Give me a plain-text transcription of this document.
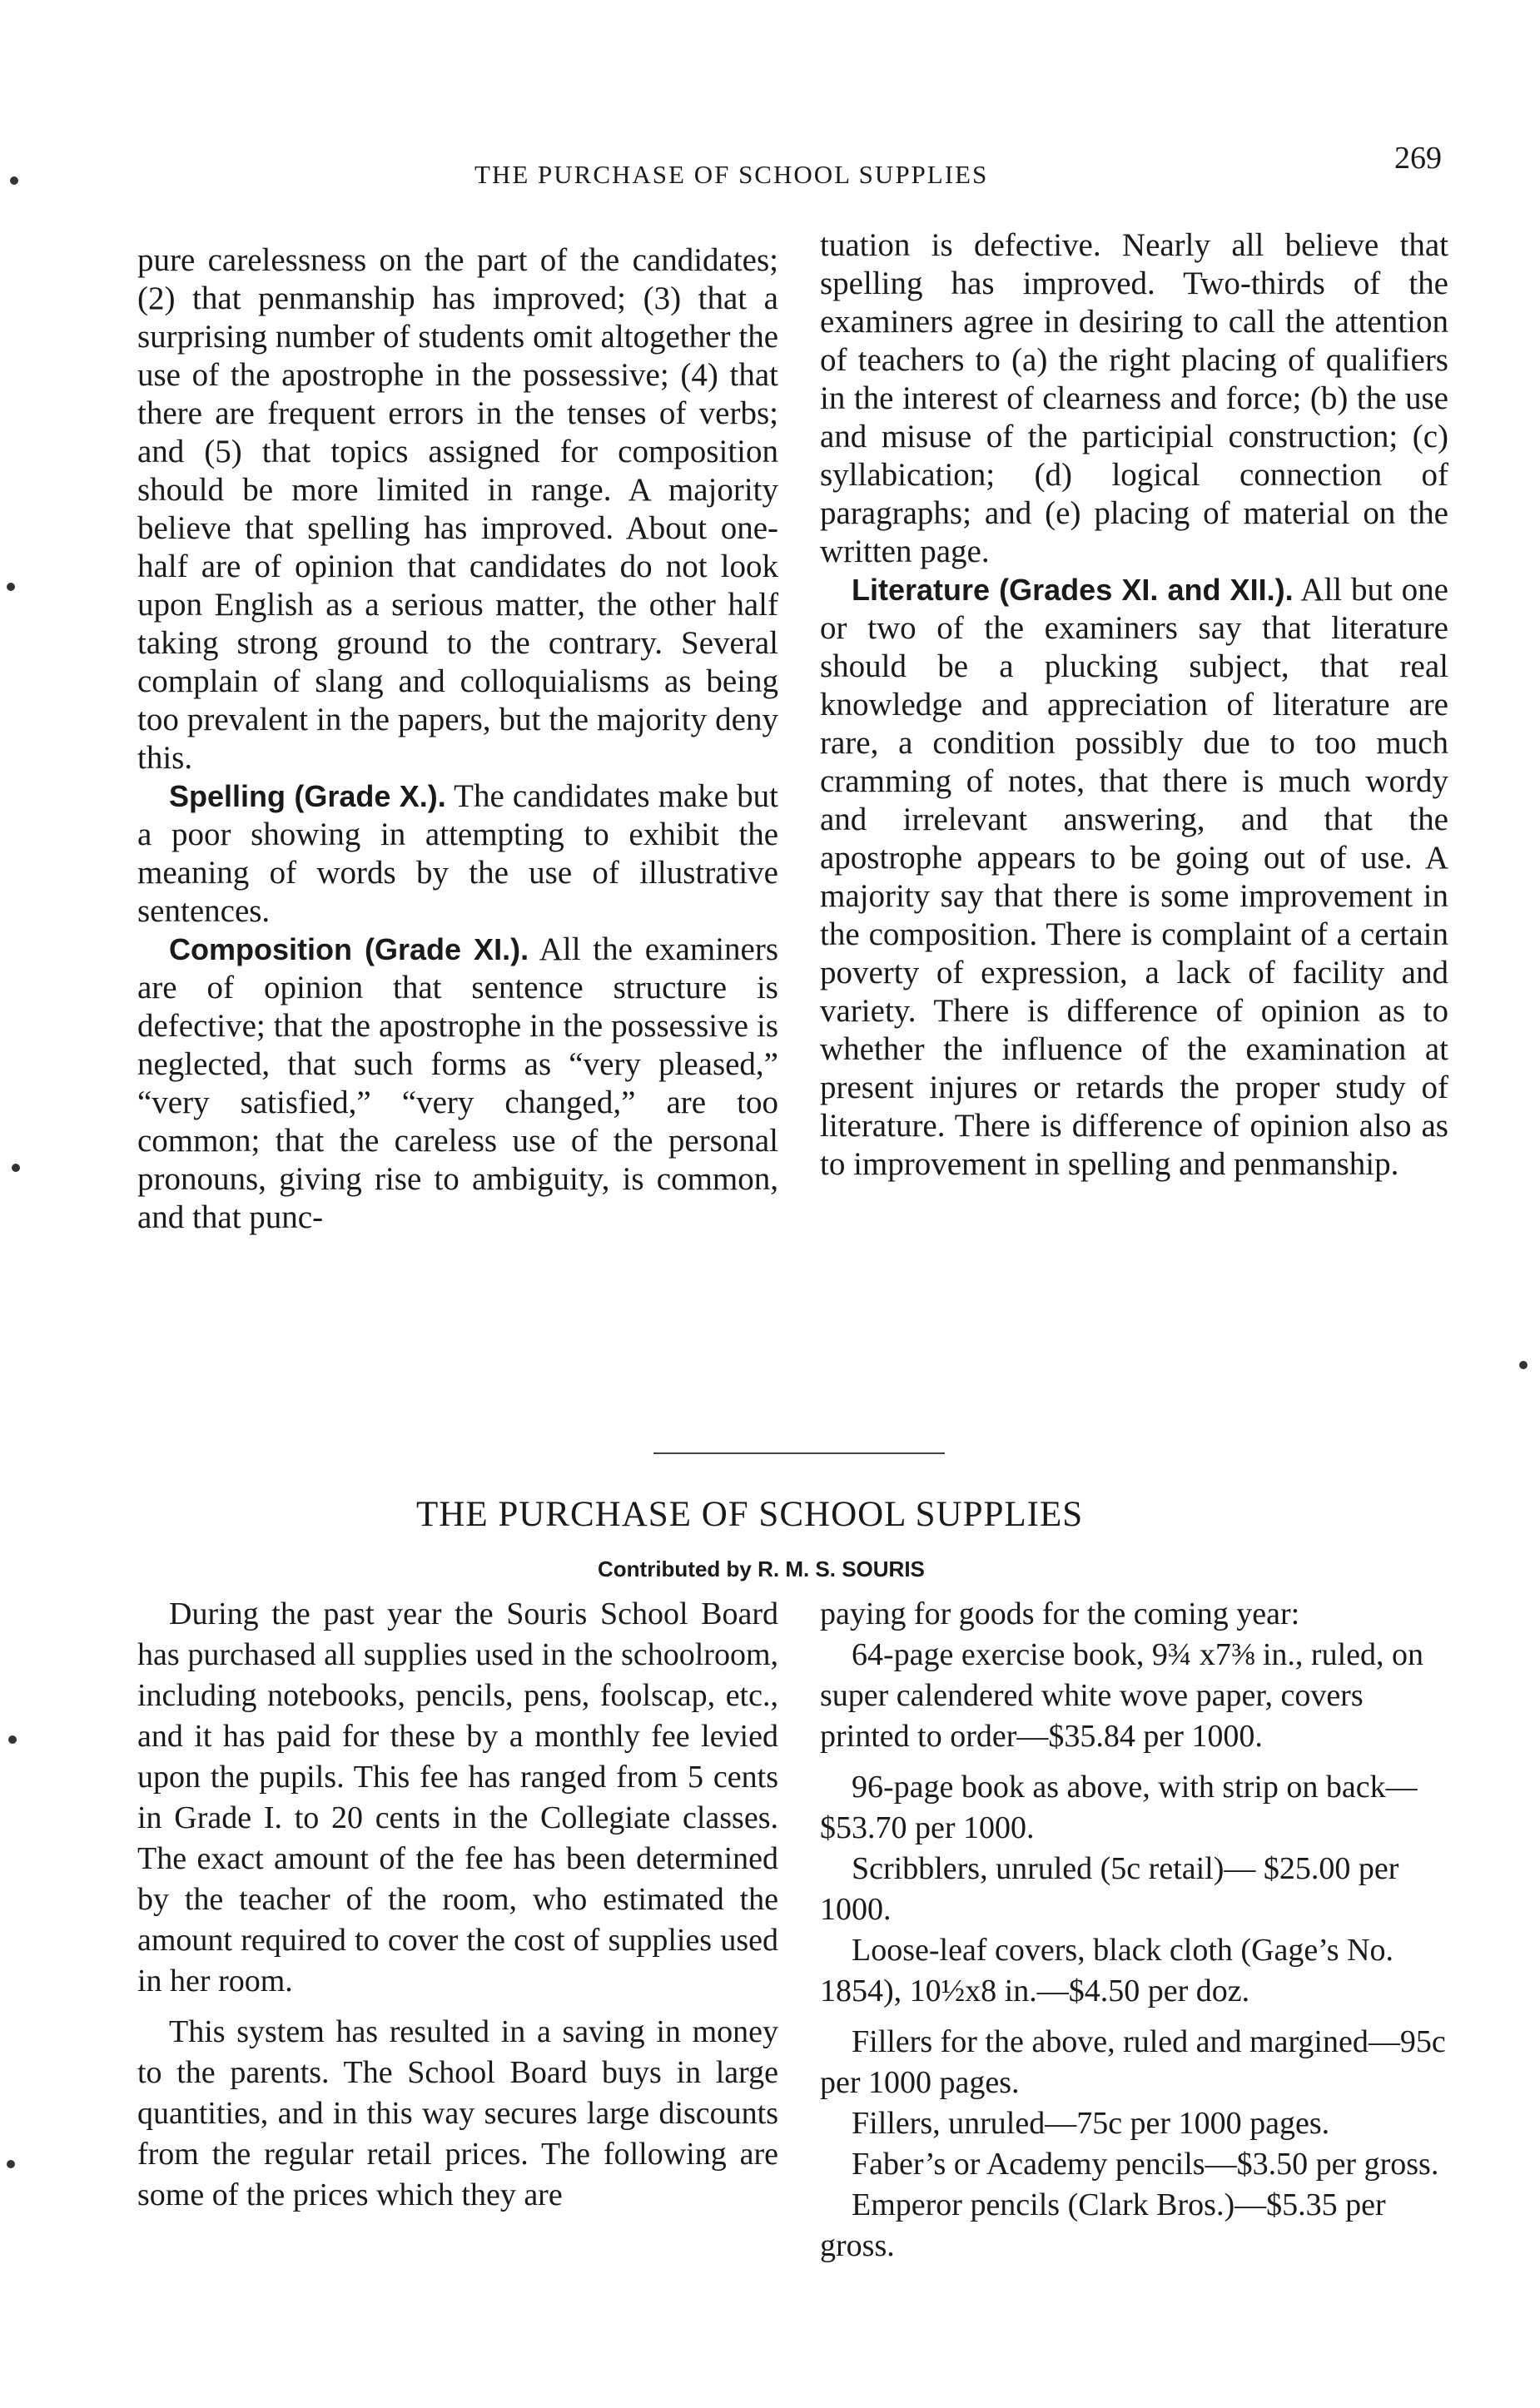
THE PURCHASE OF SCHOOL SUPPLIES	269

pure carelessness on the part of the candidates; (2) that penmanship has improved; (3) that a surprising number of students omit altogether the use of the apostrophe in the possessive; (4) that there are frequent errors in the tenses of verbs; and (5) that topics assigned for composition should be more limited in range. A majority believe that spelling has improved. About one-half are of opinion that candidates do not look upon English as a serious matter, the other half taking strong ground to the contrary. Several complain of slang and colloquialisms as being too prevalent in the papers, but the majority deny this.

Spelling (Grade X.). The candidates make but a poor showing in attempting to exhibit the meaning of words by the use of illustrative sentences.

Composition (Grade XI.). All the examiners are of opinion that sentence structure is defective; that the apostrophe in the possessive is neglected, that such forms as “very pleased,” “very satisfied,” “very changed,” are too common; that the careless use of the personal pronouns, giving rise to ambiguity, is common, and that punc-

tuation is defective. Nearly all believe that spelling has improved. Two-thirds of the examiners agree in desiring to call the attention of teachers to (a) the right placing of qualifiers in the interest of clearness and force; (b) the use and misuse of the participial construction; (c) syllabication; (d) logical connection of paragraphs; and (e) placing of material on the written page.

Literature (Grades XI. and XII.). All but one or two of the examiners say that literature should be a plucking subject, that real knowledge and appreciation of literature are rare, a condition possibly due to too much cramming of notes, that there is much wordy and irrelevant answering, and that the apostrophe appears to be going out of use. A majority say that there is some improvement in the composition. There is complaint of a certain poverty of expression, a lack of facility and variety. There is difference of opinion as to whether the influence of the examination at present injures or retards the proper study of literature. There is difference of opinion also as to improvement in spelling and penmanship.

THE PURCHASE OF SCHOOL SUPPLIES
Contributed by R. M. S. SOURIS

During the past year the Souris School Board has purchased all supplies used in the schoolroom, including notebooks, pencils, pens, foolscap, etc., and it has paid for these by a monthly fee levied upon the pupils. This fee has ranged from 5 cents in Grade I. to 20 cents in the Collegiate classes. The exact amount of the fee has been determined by the teacher of the room, who estimated the amount required to cover the cost of supplies used in her room.

This system has resulted in a saving in money to the parents. The School Board buys in large quantities, and in this way secures large discounts from the regular retail prices. The following are some of the prices which they are

paying for goods for the coming year:

64-page exercise book, 9¾ x7⅜ in., ruled, on super calendered white wove paper, covers printed to order—$35.84 per 1000.

96-page book as above, with strip on back—$53.70 per 1000.

Scribblers, unruled (5c retail)— $25.00 per 1000.

Loose-leaf covers, black cloth (Gage’s No. 1854), 10½x8 in.—$4.50 per doz.

Fillers for the above, ruled and margined—95c per 1000 pages.

Fillers, unruled—75c per 1000 pages.

Faber’s or Academy pencils—$3.50 per gross.

Emperor pencils (Clark Bros.)—$5.35 per gross.
